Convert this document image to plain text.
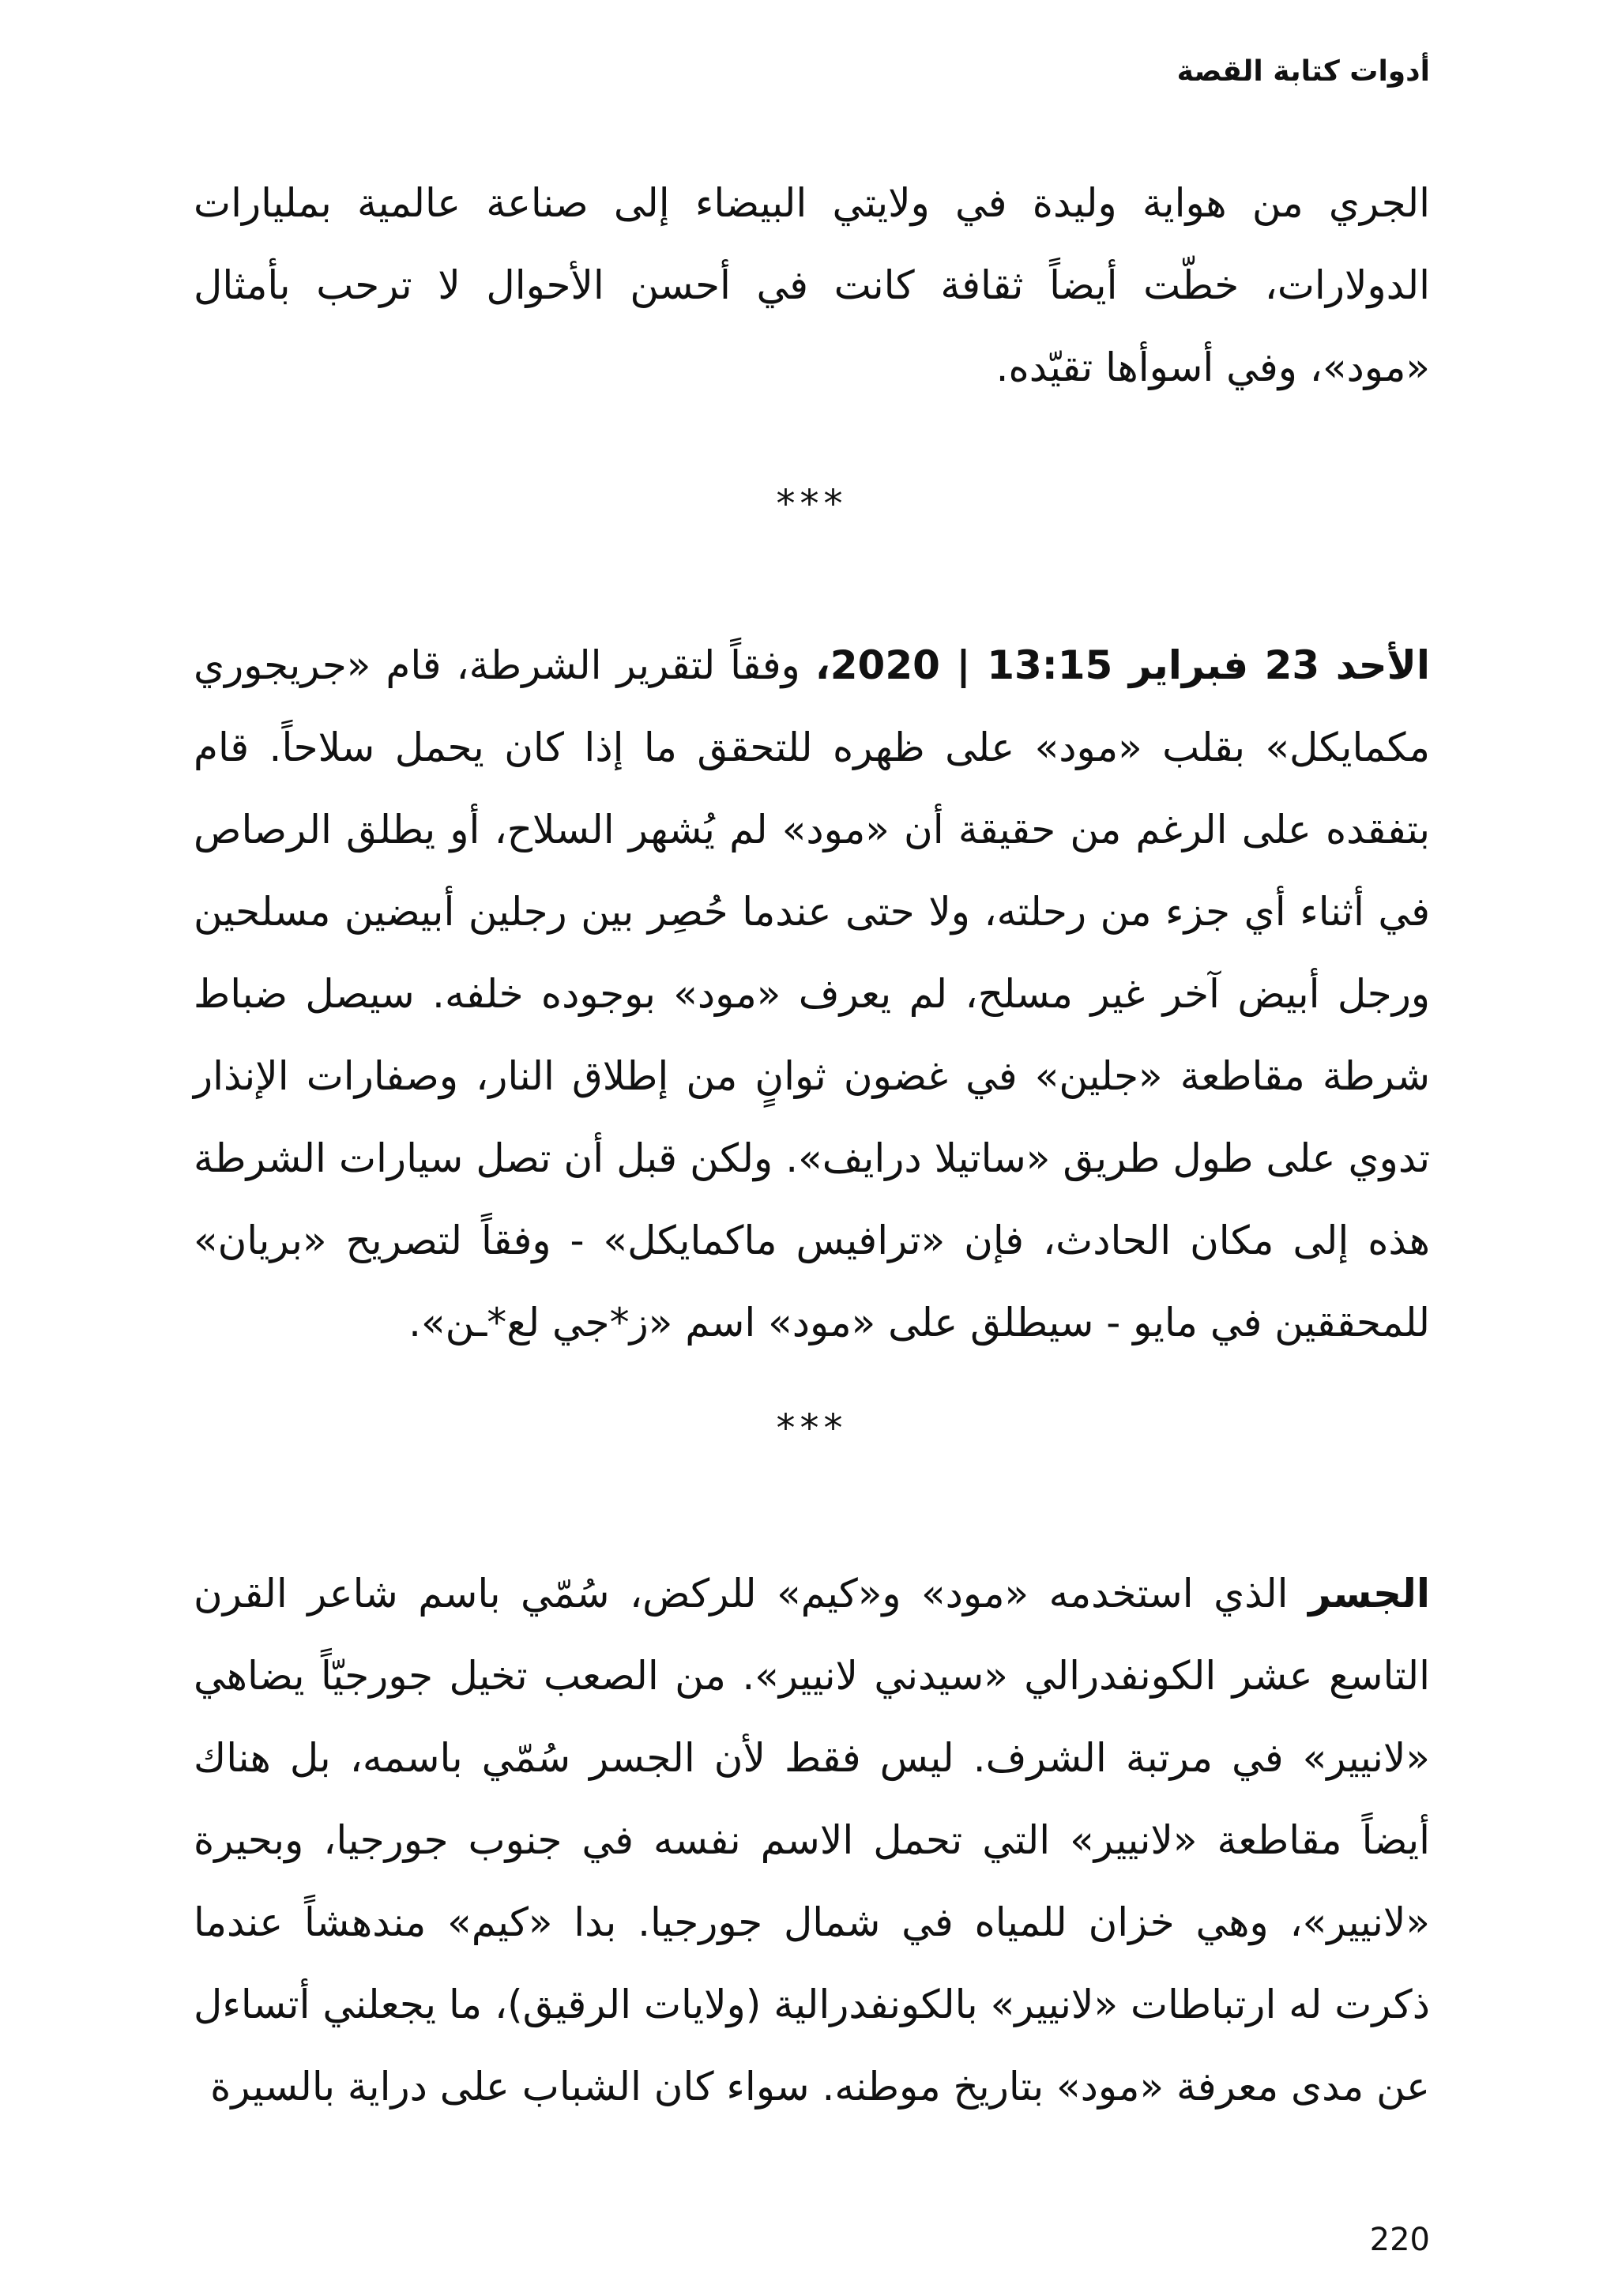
أدوات كتابة القصة
الجري من هواية وليدة في ولايتي البيضاء إلى صناعة عالمية بمليارات الدولارات، خطّت أيضاً ثقافة كانت في أحسن الأحوال لا ترحب بأمثال «مود»، وفي أسوأها تقيّده.
***
الأحد 23 فبراير 13:15 | 2020، وفقاً لتقرير الشرطة، قام «جريجوري مكمايكل» بقلب «مود» على ظهره للتحقق ما إذا كان يحمل سلاحاً. قام بتفقده على الرغم من حقيقة أن «مود» لم يُشهر السلاح، أو يطلق الرصاص في أثناء أي جزء من رحلته، ولا حتى عندما حُصِر بين رجلين أبيضين مسلحين ورجل أبيض آخر غير مسلح، لم يعرف «مود» بوجوده خلفه. سيصل ضباط شرطة مقاطعة «جلين» في غضون ثوانٍ من إطلاق النار، وصفارات الإنذار تدوي على طول طريق «ساتيلا درايف». ولكن قبل أن تصل سيارات الشرطة هذه إلى مكان الحادث، فإن «ترافيس ماكمايكل» - وفقاً لتصريح «بريان» للمحققين في مايو - سيطلق على «مود» اسم «ز*جي لع*ـن».
***
الجسر الذي استخدمه «مود» و«كيم» للركض، سُمّي باسم شاعر القرن التاسع عشر الكونفدرالي «سيدني لانيير». من الصعب تخيل جورجيّاً يضاهي «لانيير» في مرتبة الشرف. ليس فقط لأن الجسر سُمّي باسمه، بل هناك أيضاً مقاطعة «لانيير» التي تحمل الاسم نفسه في جنوب جورجيا، وبحيرة «لانيير»، وهي خزان للمياه في شمال جورجيا. بدا «كيم» مندهشاً عندما ذكرت له ارتباطات «لانيير» بالكونفدرالية (ولايات الرقيق)، ما يجعلني أتساءل عن مدى معرفة «مود» بتاريخ موطنه. سواء كان الشباب على دراية بالسيرة
220
